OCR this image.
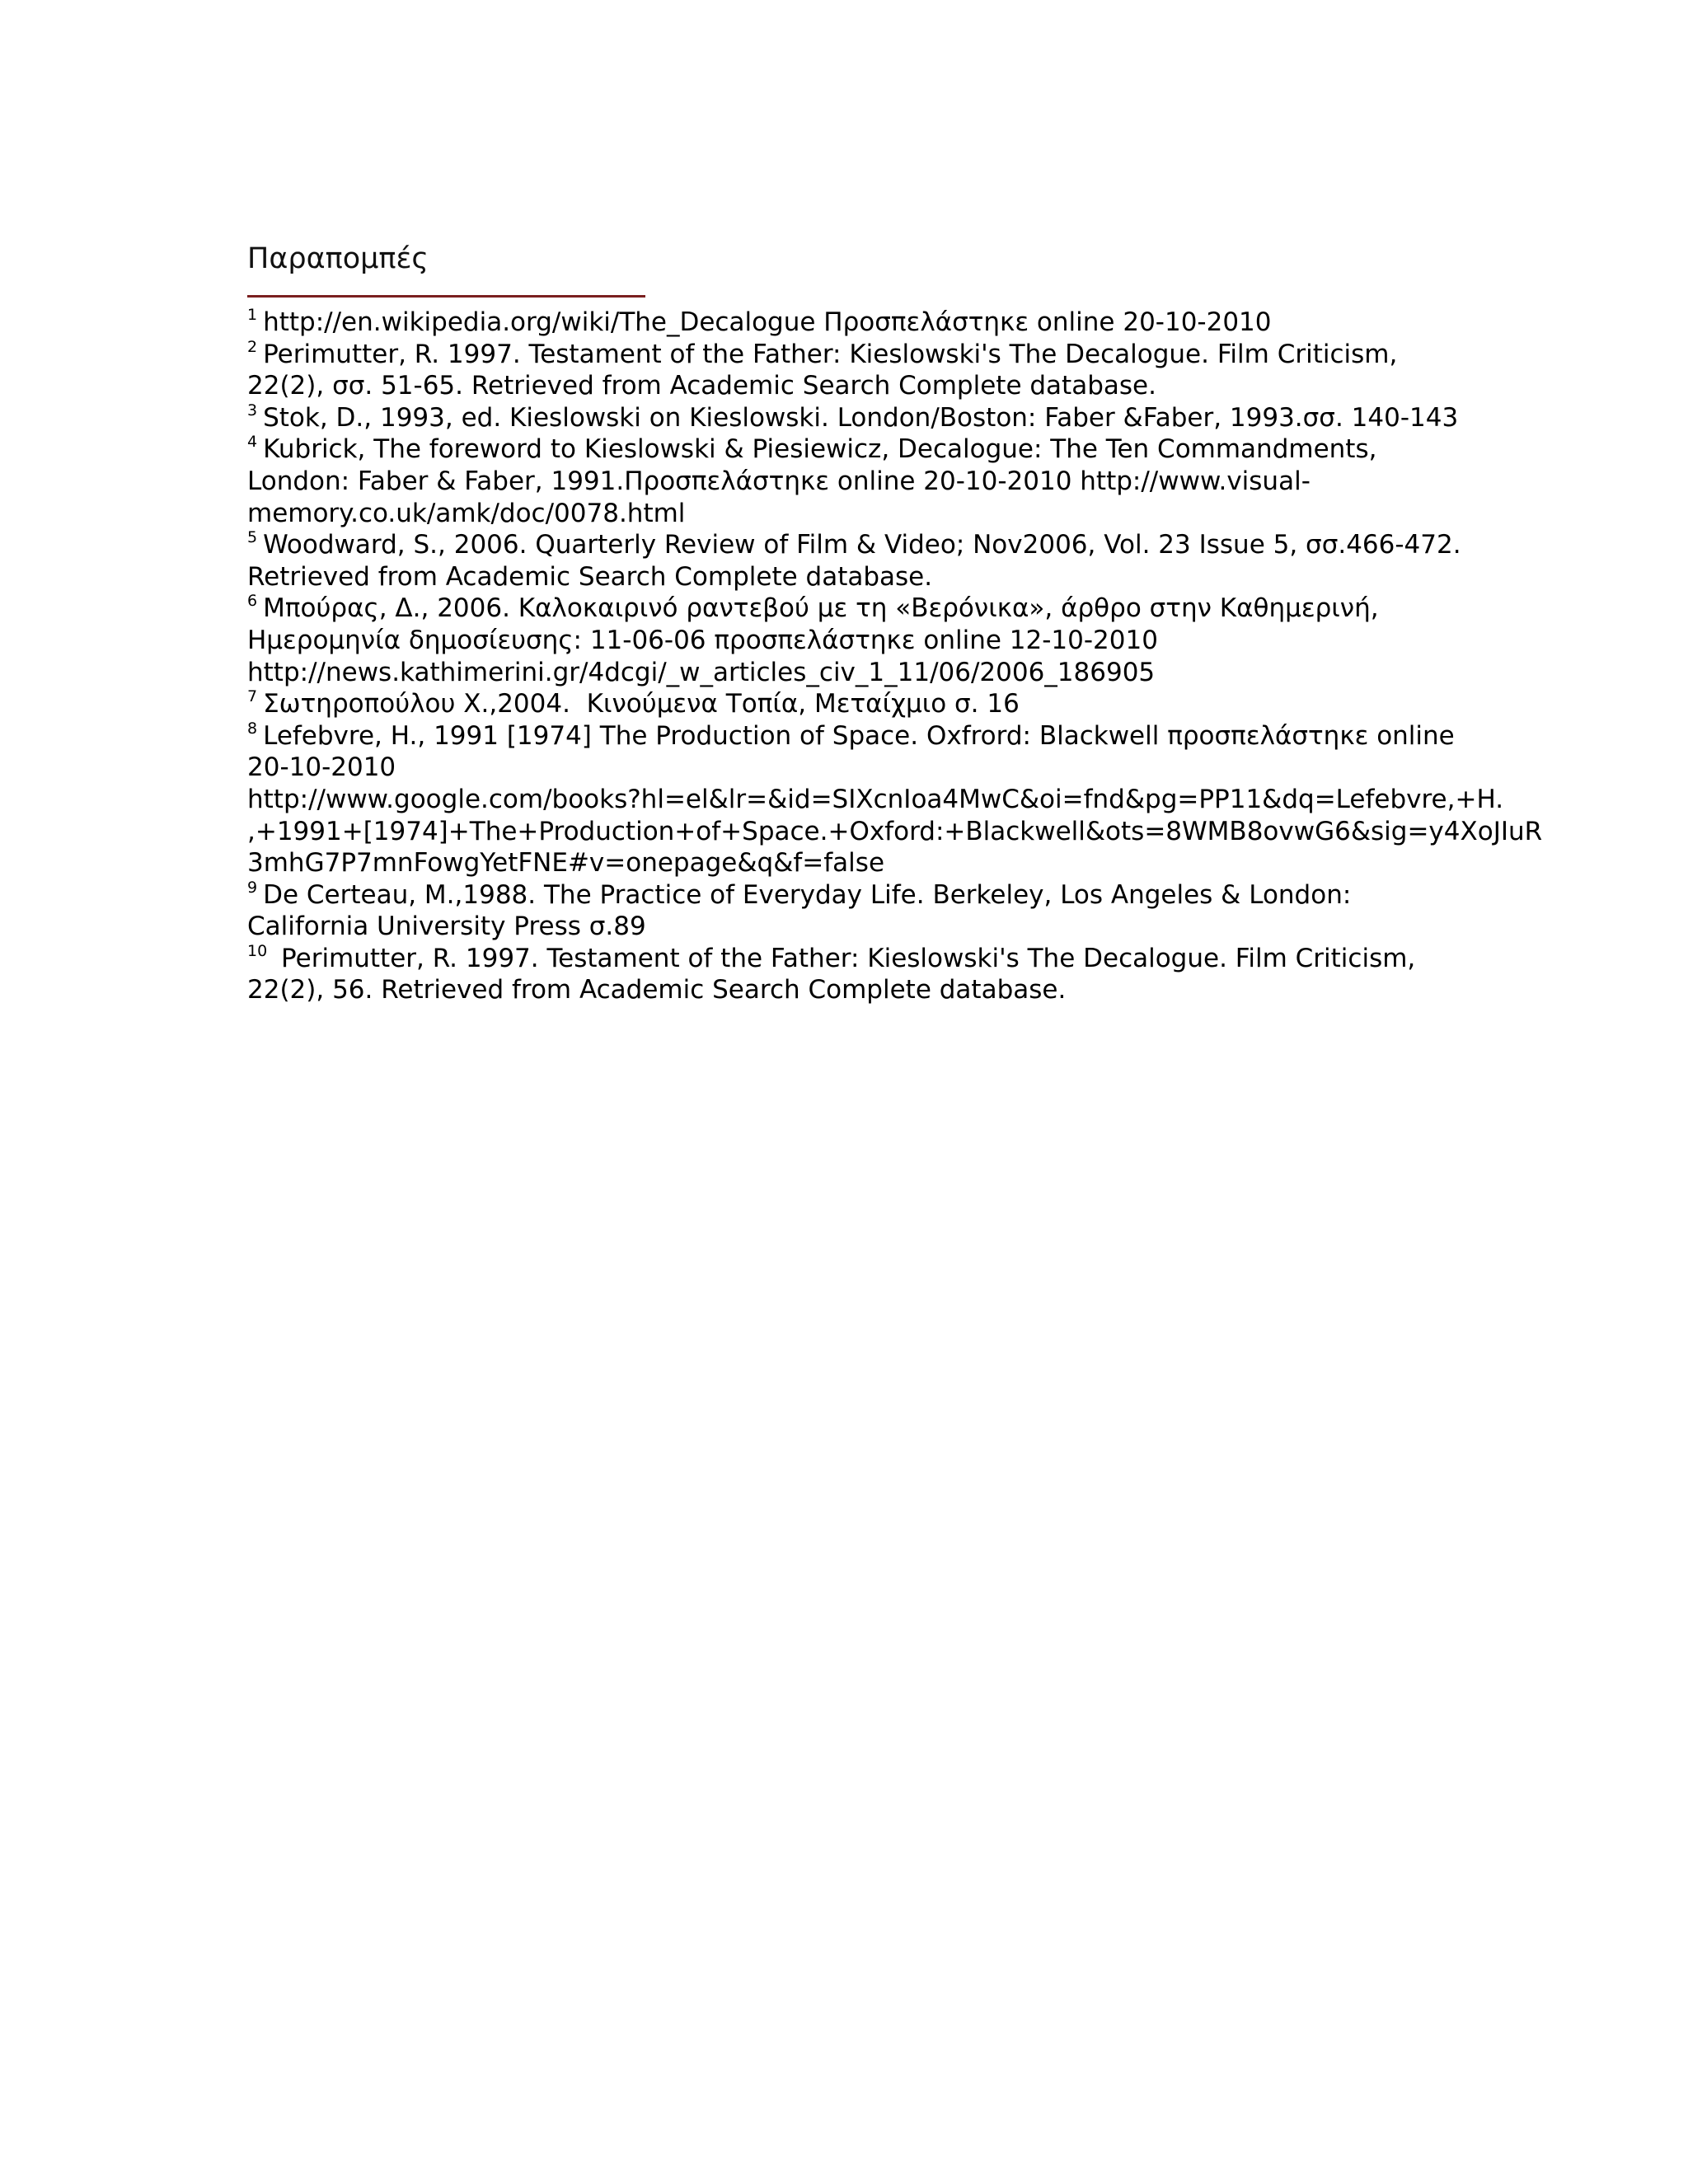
Παραπομπές
$^1$ http://en.wikipedia.org/wiki/The_Decalogue Προσπελάστηκε online 20-10-2010
$^2$ Perimutter, R. 1997. Testament of the Father: Kieslowski's The Decalogue. Film Criticism,
22(2), σσ. 51-65. Retrieved from Academic Search Complete database.
$^3$ Stok, D., 1993, ed. Kieslowski on Kieslowski. London/Boston: Faber &Faber, 1993.σσ. 140-143
$^4$ Kubrick, The foreword to Kieslowski & Piesiewicz, Decalogue: The Ten Commandments,
London: Faber & Faber, 1991.Προσπελάστηκε online 20-10-2010 http://www.visual-
memory.co.uk/amk/doc/0078.html
$^5$ Woodward, S., 2006. Quarterly Review of Film & Video; Nov2006, Vol. 23 Issue 5, σσ.466-472.
Retrieved from Academic Search Complete database.
$^6$ Μπούρας, Δ., 2006. Καλοκαιρινό ραντεβού με τη «Βερόνικα», άρθρο στην Καθημερινή,
Ημερομηνία δημοσίευσης: 11-06-06 προσπελάστηκε online 12-10-2010
http://news.kathimerini.gr/4dcgi/_w_articles_civ_1_11/06/2006_186905
$^7$ Σωτηροπούλου Χ.,2004.  Κινούμενα Τοπία, Μεταίχμιο σ. 16
$^8$ Lefebvre, H., 1991 [1974] The Production of Space. Oxfrord: Blackwell προσπελάστηκε online
20-10-2010
http://www.google.com/books?hl=el&lr=&id=SIXcnIoa4MwC&oi=fnd&pg=PP11&dq=Lefebvre,+H.
,+1991+[1974]+The+Production+of+Space.+Oxford:+Blackwell&ots=8WMB8ovwG6&sig=y4XoJIuR
3mhG7P7mnFowgYetFNE#v=onepage&q&f=false
$^9$ De Certeau, M.,1988. The Practice of Everyday Life. Berkeley, Los Angeles & London:
California University Press σ.89
$^{10}$ Perimutter, R. 1997. Testament of the Father: Kieslowski's The Decalogue. Film Criticism,
22(2), 56. Retrieved from Academic Search Complete database.
